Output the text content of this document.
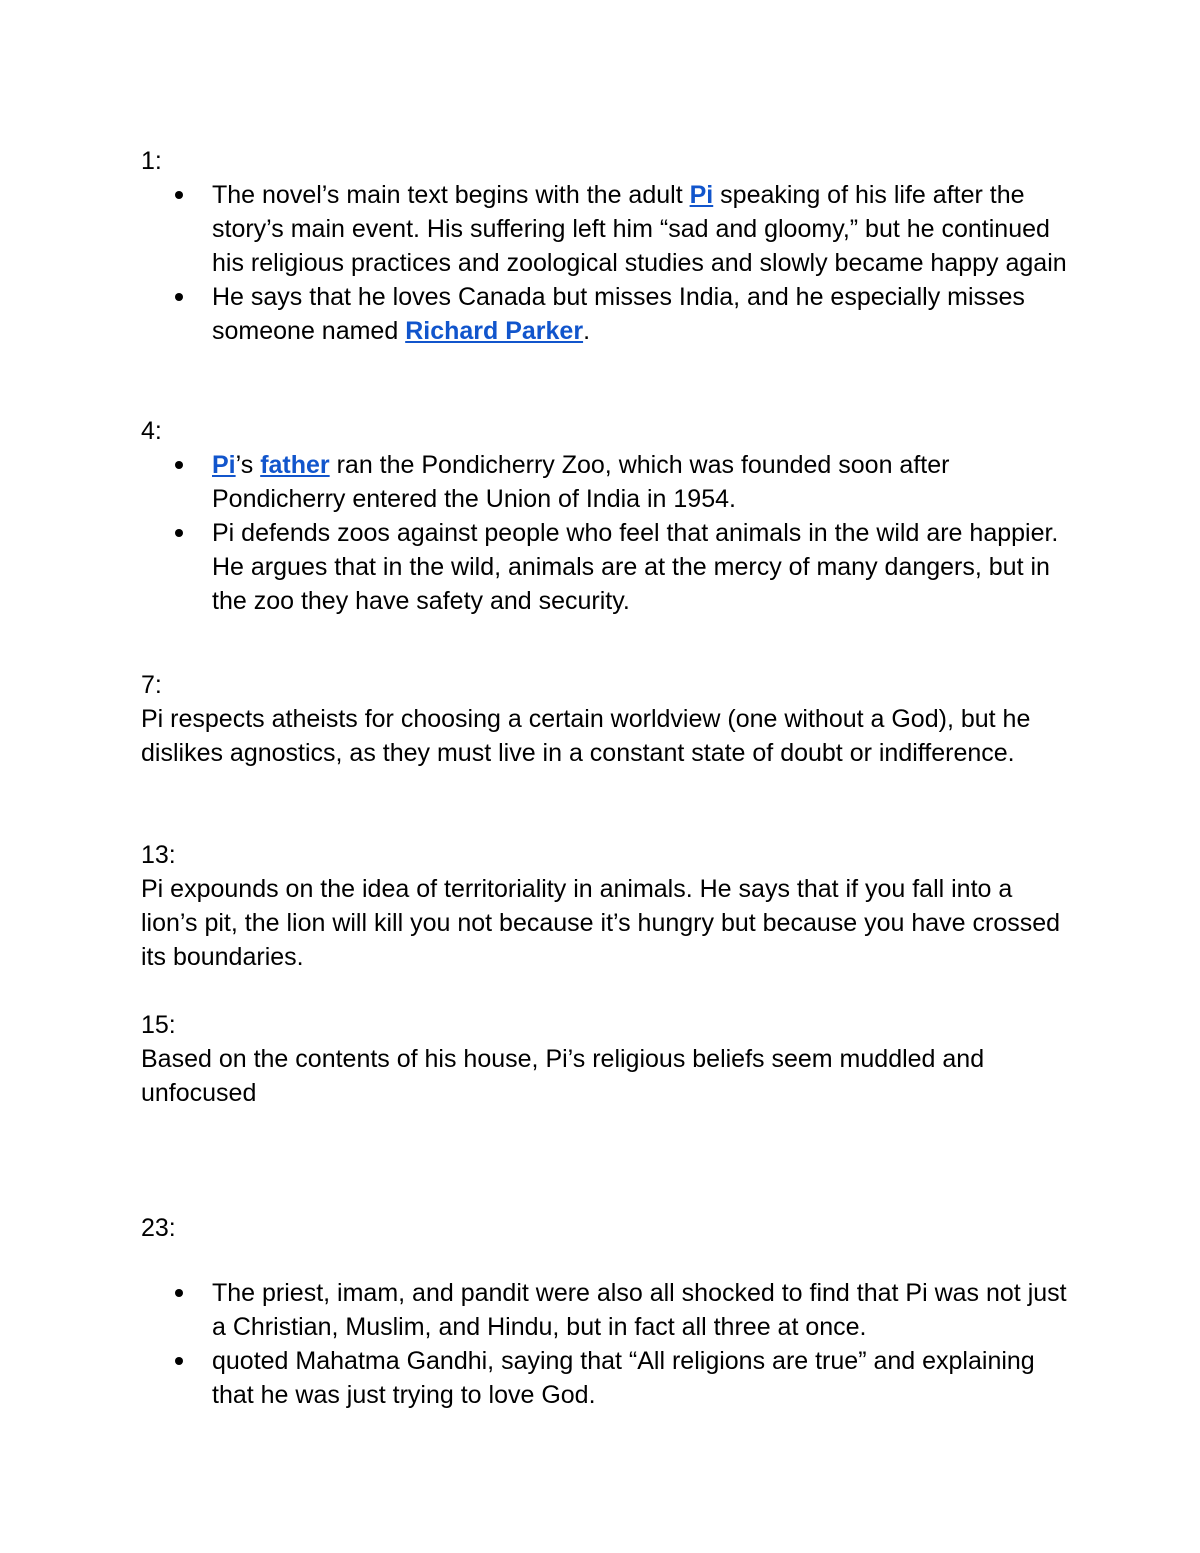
1:
The novel’s main text begins with the adult Pi speaking of his life after the story’s main event. His suffering left him “sad and gloomy,” but he continued his religious practices and zoological studies and slowly became happy again
He says that he loves Canada but misses India, and he especially misses someone named Richard Parker.
4:
Pi’s father ran the Pondicherry Zoo, which was founded soon after Pondicherry entered the Union of India in 1954.
Pi defends zoos against people who feel that animals in the wild are happier. He argues that in the wild, animals are at the mercy of many dangers, but in the zoo they have safety and security.
7:
Pi respects atheists for choosing a certain worldview (one without a God), but he dislikes agnostics, as they must live in a constant state of doubt or indifference.
13:
Pi expounds on the idea of territoriality in animals. He says that if you fall into a lion’s pit, the lion will kill you not because it’s hungry but because you have crossed its boundaries.
15:
Based on the contents of his house, Pi’s religious beliefs seem muddled and unfocused
23:
The priest, imam, and pandit were also all shocked to find that Pi was not just a Christian, Muslim, and Hindu, but in fact all three at once.
quoted Mahatma Gandhi, saying that “All religions are true” and explaining that he was just trying to love God.
